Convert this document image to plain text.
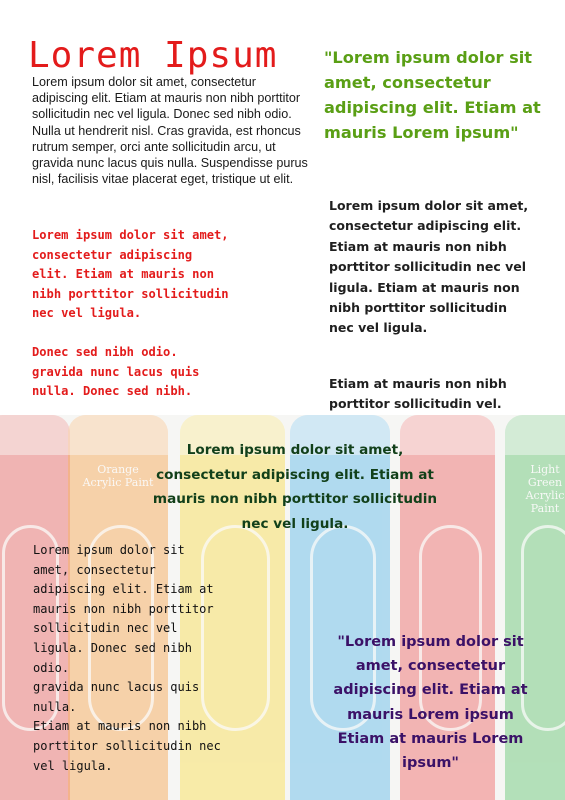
Lorem Ipsum
Lorem ipsum dolor sit amet, consectetur adipiscing elit. Etiam at mauris non nibh porttitor sollicitudin nec vel ligula. Donec sed nibh odio. Nulla ut hendrerit nisl. Cras gravida, est rhoncus rutrum semper, orci ante sollicitudin arcu, ut gravida nunc lacus quis nulla. Suspendisse purus nisl, facilisis vitae placerat eget, tristique ut elit.
Lorem ipsum dolor sit amet,
consectetur adipiscing
elit. Etiam at mauris non
nibh porttitor sollicitudin
nec vel ligula.
Donec sed nibh odio.
gravida nunc lacus quis
nulla. Donec sed nibh.
"Lorem ipsum dolor sit amet, consectetur adipiscing elit. Etiam at mauris Lorem ipsum"
Lorem ipsum dolor sit amet, consectetur adipiscing elit. Etiam at mauris non nibh porttitor sollicitudin nec vel ligula. Etiam at mauris non nibh porttitor sollicitudin nec vel ligula.
Etiam at mauris non nibh porttitor sollicitudin vel.
Orange
Acrylic Paint
Light Green
Acrylic Paint
Lorem ipsum dolor sit amet, consectetur adipiscing elit. Etiam at mauris non nibh porttitor sollicitudin nec vel ligula.
Lorem ipsum dolor sit
amet, consectetur
adipiscing elit. Etiam at
mauris non nibh porttitor
sollicitudin nec vel
ligula. Donec sed nibh
odio.
gravida nunc lacus quis
nulla.
Etiam at mauris non nibh
porttitor sollicitudin nec
vel ligula.
"Lorem ipsum dolor sit amet, consectetur adipiscing elit. Etiam at mauris Lorem ipsum Etiam at mauris Lorem ipsum"
